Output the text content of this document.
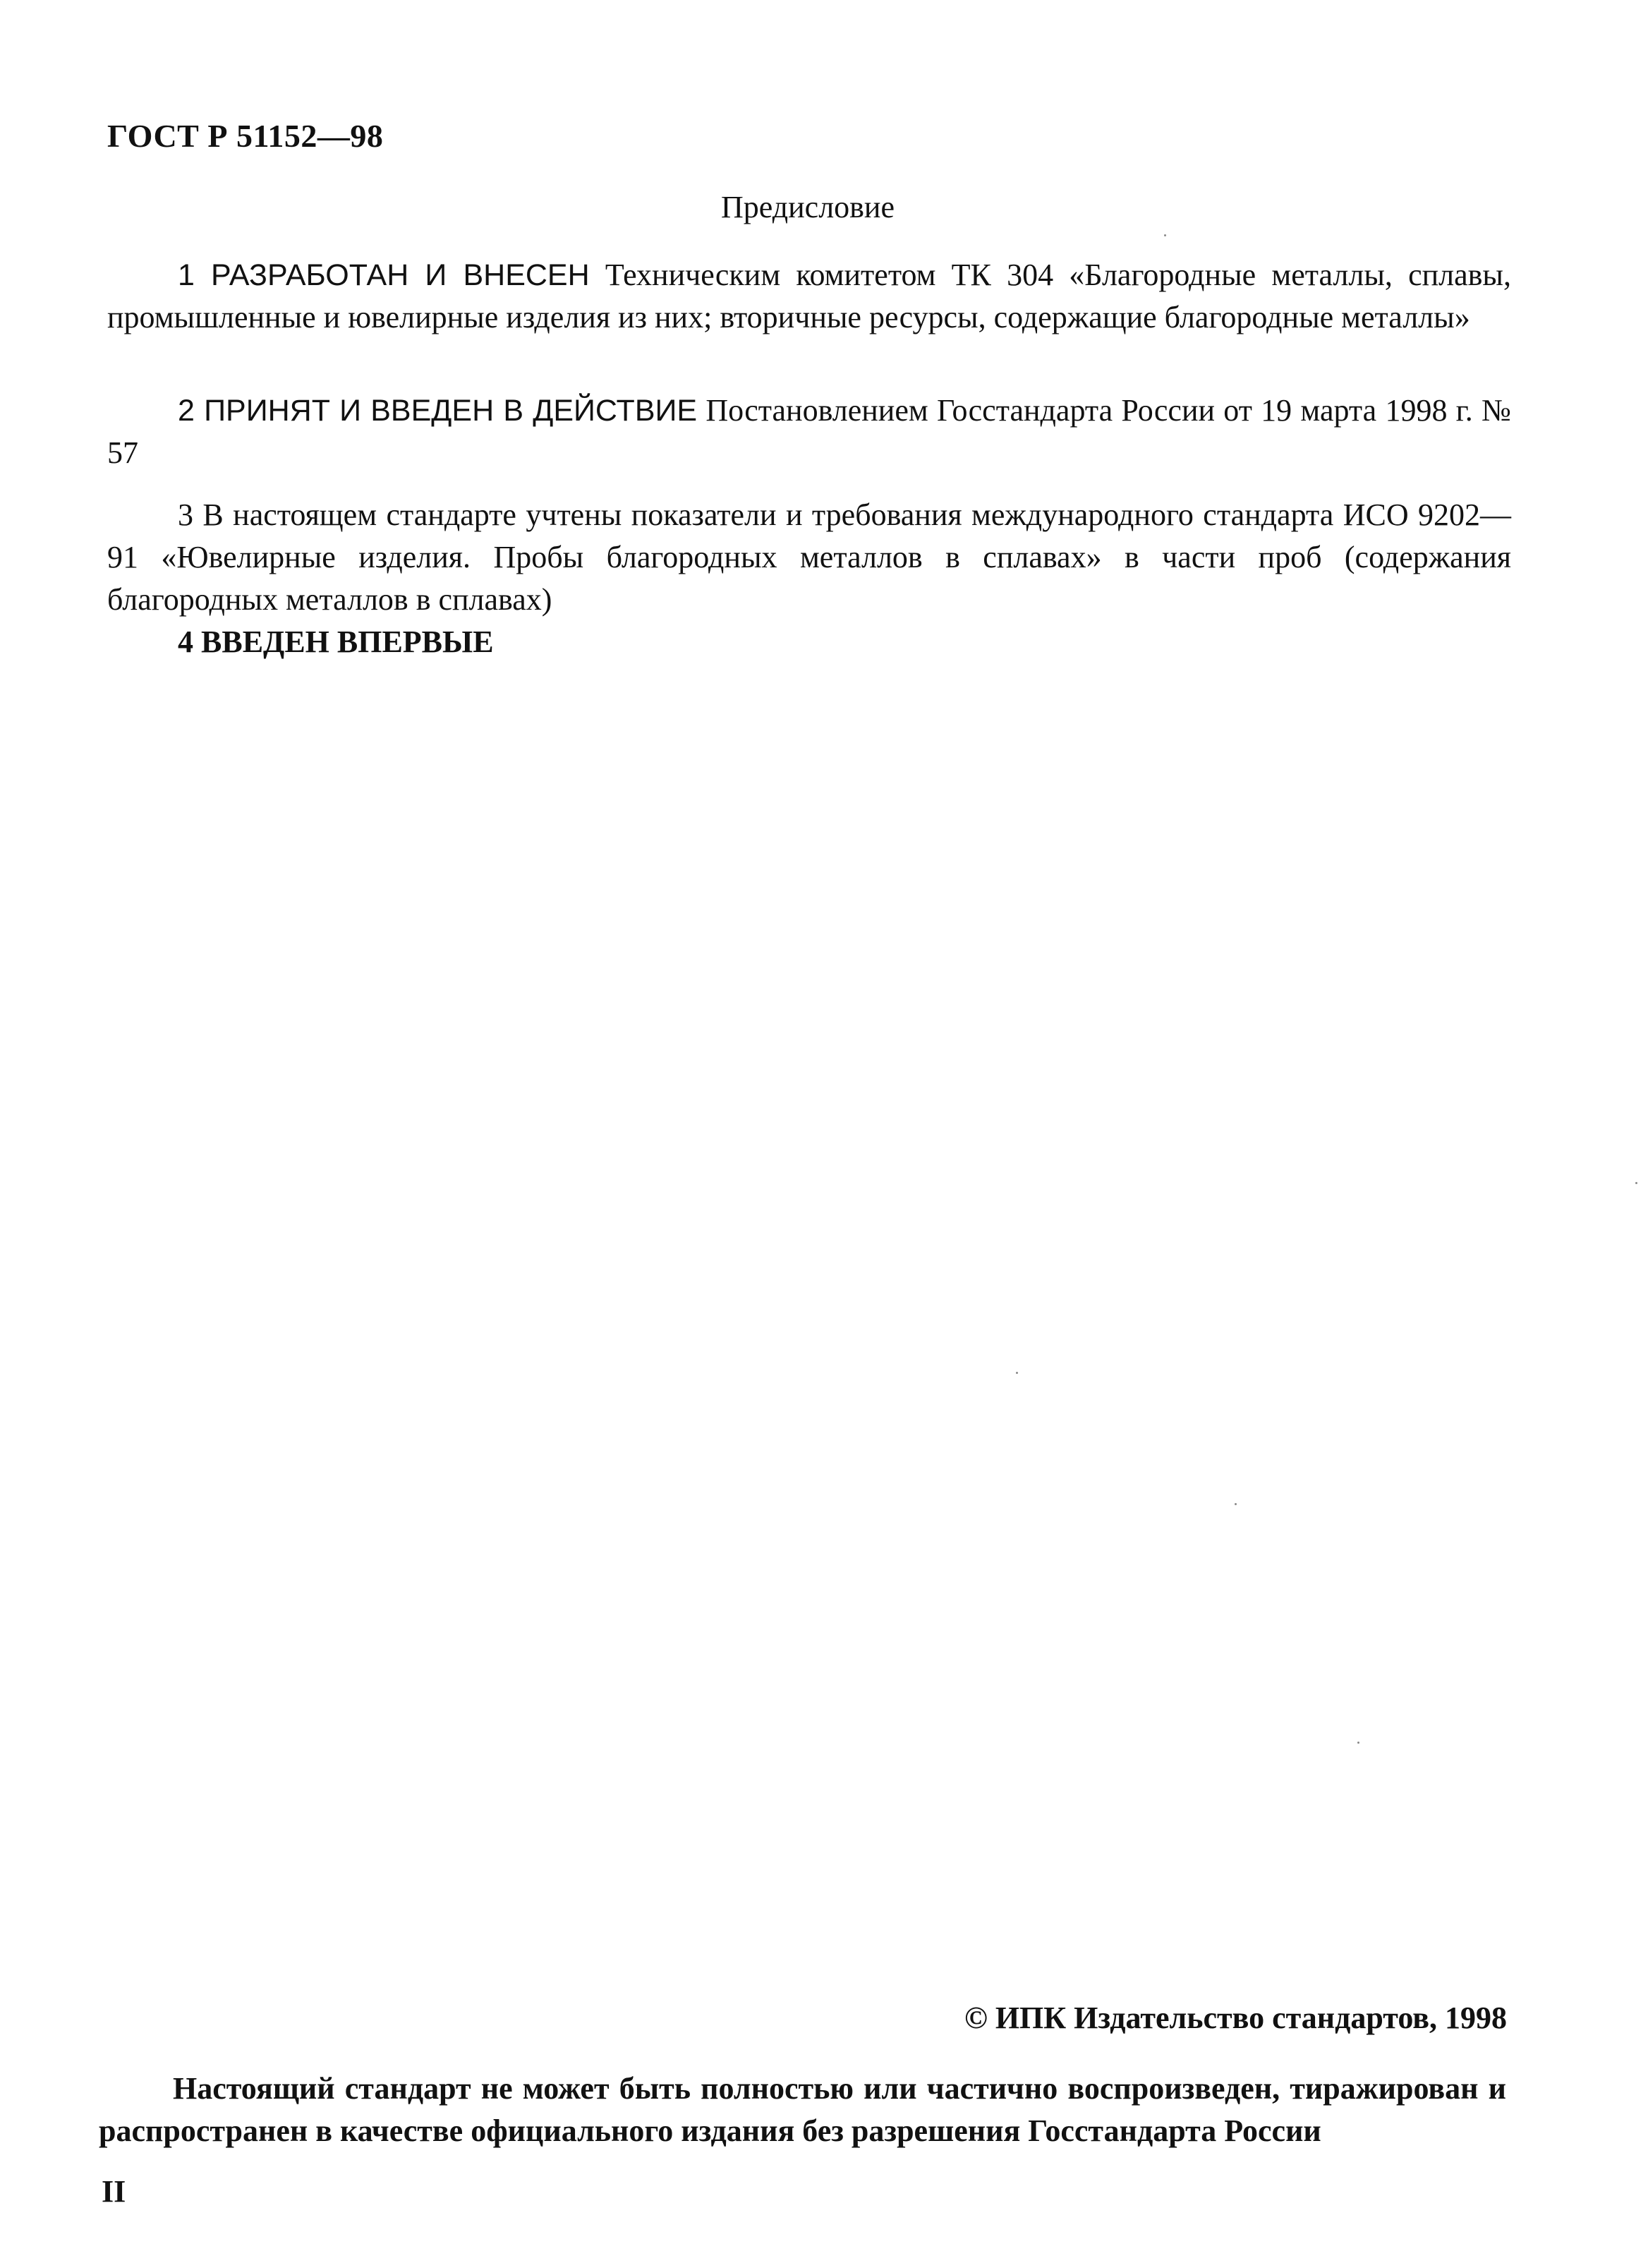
ГОСТ Р 51152—98
Предисловие

1 РАЗРАБОТАН И ВНЕСЕН Техническим комитетом ТК 304 «Благородные металлы, сплавы, промышленные и ювелирные изделия из них; вторичные ресурсы, содержащие благородные металлы»

2 ПРИНЯТ И ВВЕДЕН В ДЕЙСТВИЕ Постановлением Госстандарта России от 19 марта 1998 г. № 57

3 В настоящем стандарте учтены показатели и требования международного стандарта ИСО 9202—91 «Ювелирные изделия. Пробы благородных металлов в сплавах» в части проб (содержания благородных металлов в сплавах)

4 ВВЕДЕН ВПЕРВЫЕ

© ИПК Издательство стандартов, 1998

Настоящий стандарт не может быть полностью или частично воспроизведен, тиражирован и распространен в качестве официального издания без разрешения Госстандарта России

II
